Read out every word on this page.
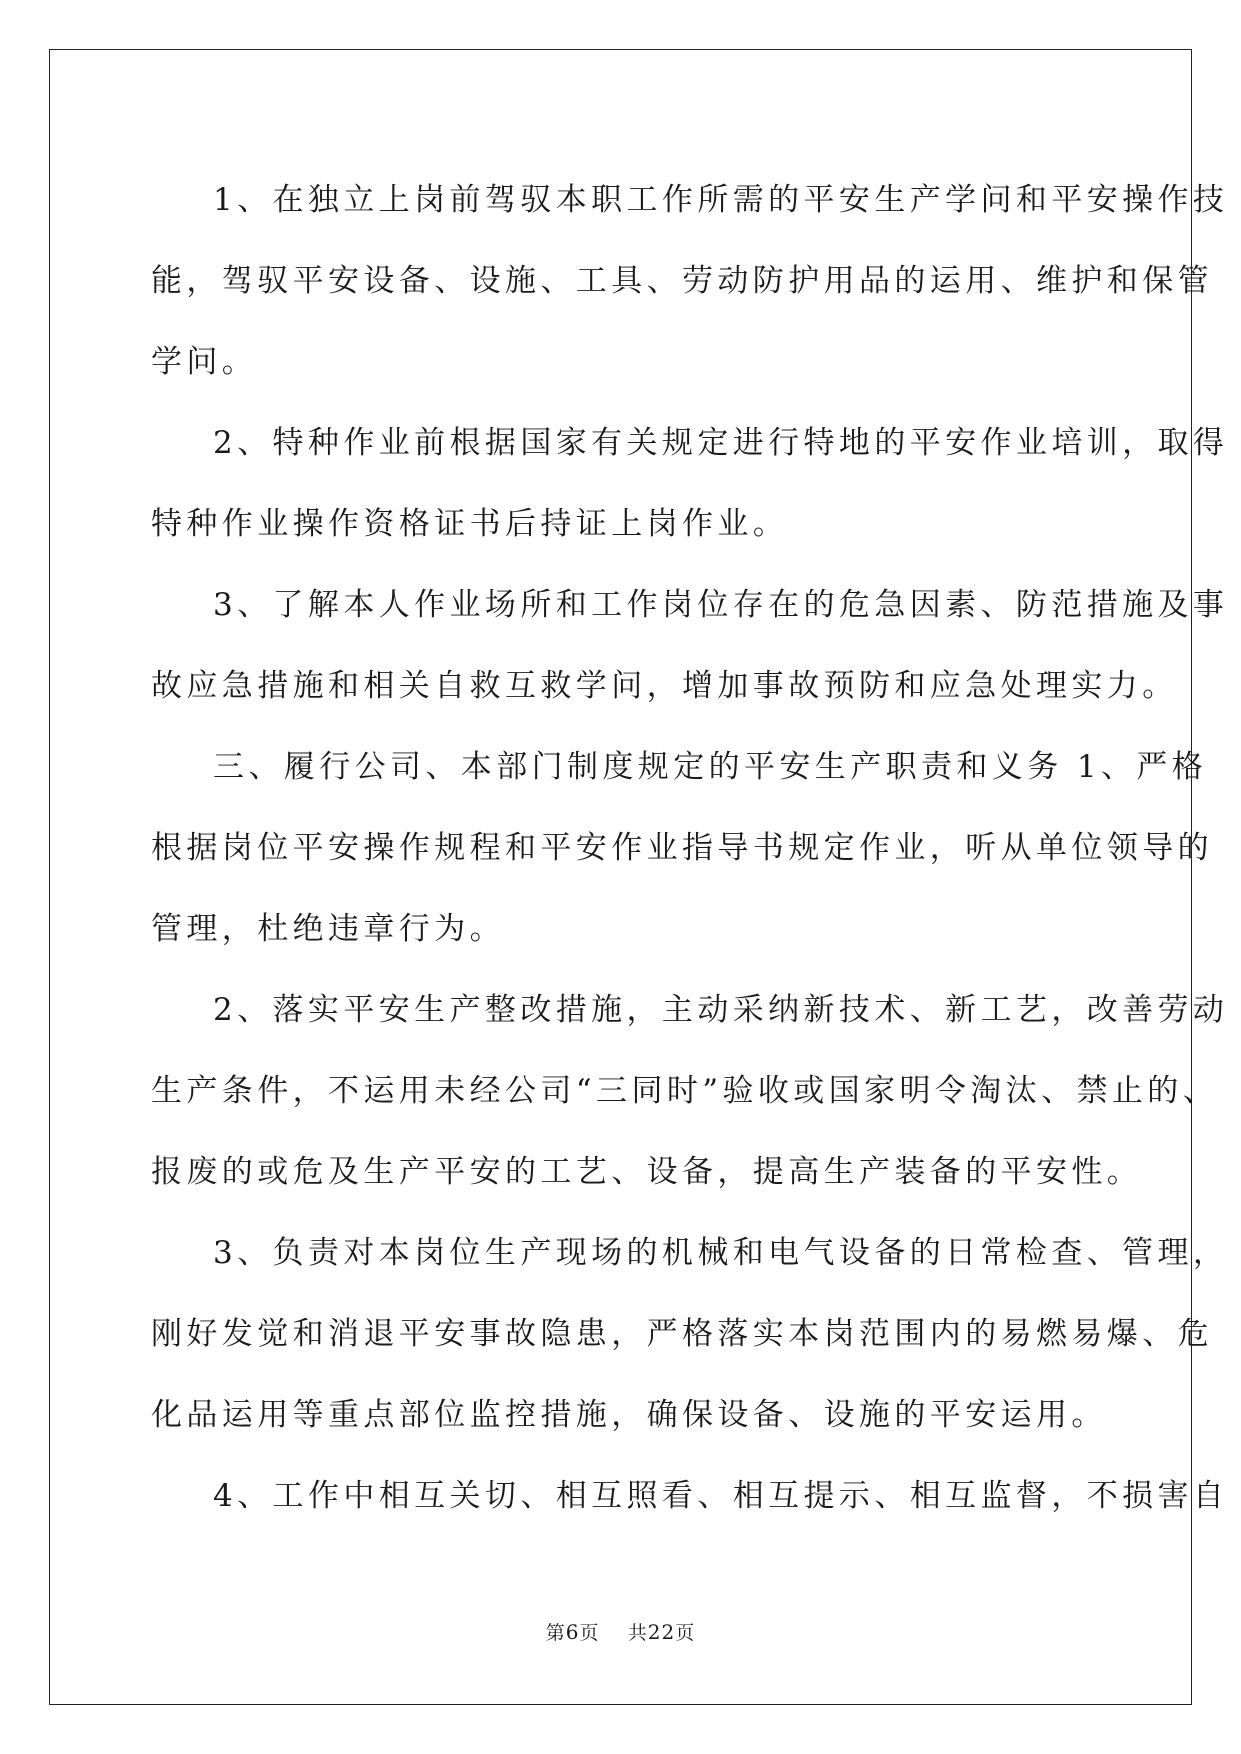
1、在独立上岗前驾驭本职工作所需的平安生产学问和平安操作技
能，驾驭平安设备、设施、工具、劳动防护用品的运用、维护和保管
学问。
2、特种作业前根据国家有关规定进行特地的平安作业培训，取得
特种作业操作资格证书后持证上岗作业。
3、了解本人作业场所和工作岗位存在的危急因素、防范措施及事
故应急措施和相关自救互救学问，增加事故预防和应急处理实力。
三、履行公司、本部门制度规定的平安生产职责和义务 1、严格
根据岗位平安操作规程和平安作业指导书规定作业，听从单位领导的
管理，杜绝违章行为。
2、落实平安生产整改措施，主动采纳新技术、新工艺，改善劳动
生产条件，不运用未经公司“三同时”验收或国家明令淘汰、禁止的、
报废的或危及生产平安的工艺、设备，提高生产装备的平安性。
3、负责对本岗位生产现场的机械和电气设备的日常检查、管理，
刚好发觉和消退平安事故隐患，严格落实本岗范围内的易燃易爆、危
化品运用等重点部位监控措施，确保设备、设施的平安运用。
4、工作中相互关切、相互照看、相互提示、相互监督，不损害自
第6页 共22页
